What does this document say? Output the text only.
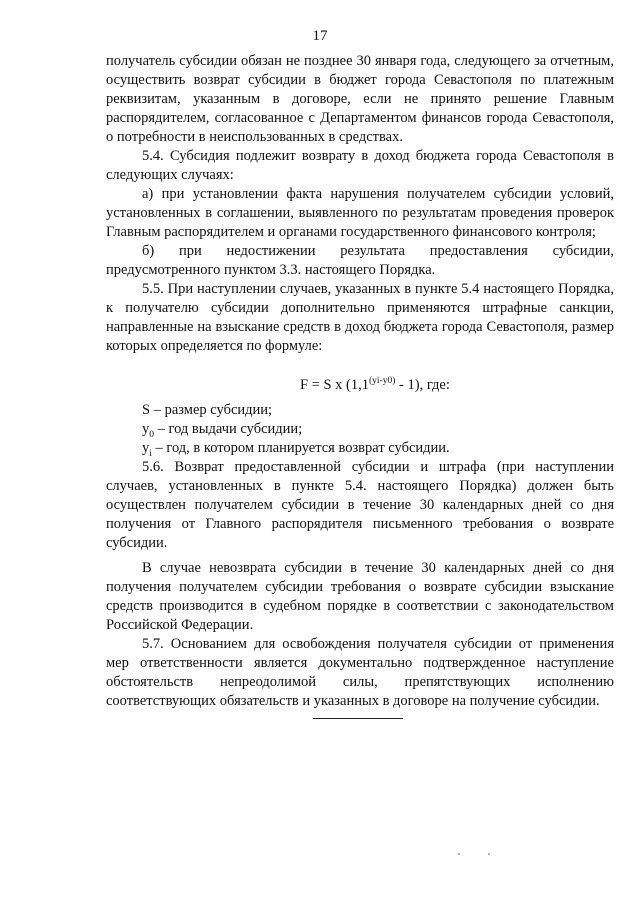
17

получатель субсидии обязан не позднее 30 января года, следующего за отчетным, осуществить возврат субсидии в бюджет города Севастополя по платежным реквизитам, указанным в договоре, если не принято решение Главным распорядителем, согласованное с Департаментом финансов города Севастополя, о потребности в неиспользованных в средствах.

5.4. Субсидия подлежит возврату в доход бюджета города Севастополя в следующих случаях:

а) при установлении факта нарушения получателем субсидии условий, установленных в соглашении, выявленного по результатам проведения проверок Главным распорядителем и органами государственного финансового контроля;

б) при недостижении результата предоставления субсидии, предусмотренного пунктом 3.3. настоящего Порядка.

5.5. При наступлении случаев, указанных в пункте 5.4 настоящего Порядка, к получателю субсидии дополнительно применяются штрафные санкции, направленные на взыскание средств в доход бюджета города Севастополя, размер которых определяется по формуле:

F = S x $(1,1^{(yi-y0)} - 1)$, где:

S – размер субсидии;

$y_0$ – год выдачи субсидии;

$y_i$ – год, в котором планируется возврат субсидии.

5.6. Возврат предоставленной субсидии и штрафа (при наступлении случаев, установленных в пункте 5.4. настоящего Порядка) должен быть осуществлен получателем субсидии в течение 30 календарных дней со дня получения от Главного распорядителя письменного требования о возврате субсидии.

В случае невозврата субсидии в течение 30 календарных дней со дня получения получателем субсидии требования о возврате субсидии взыскание средств производится в судебном порядке в соответствии с законодательством Российской Федерации.

5.7. Основанием для освобождения получателя субсидии от применения мер ответственности является документально подтвержденное наступление обстоятельств непреодолимой силы, препятствующих исполнению соответствующих обязательств и указанных в договоре на получение субсидии.
